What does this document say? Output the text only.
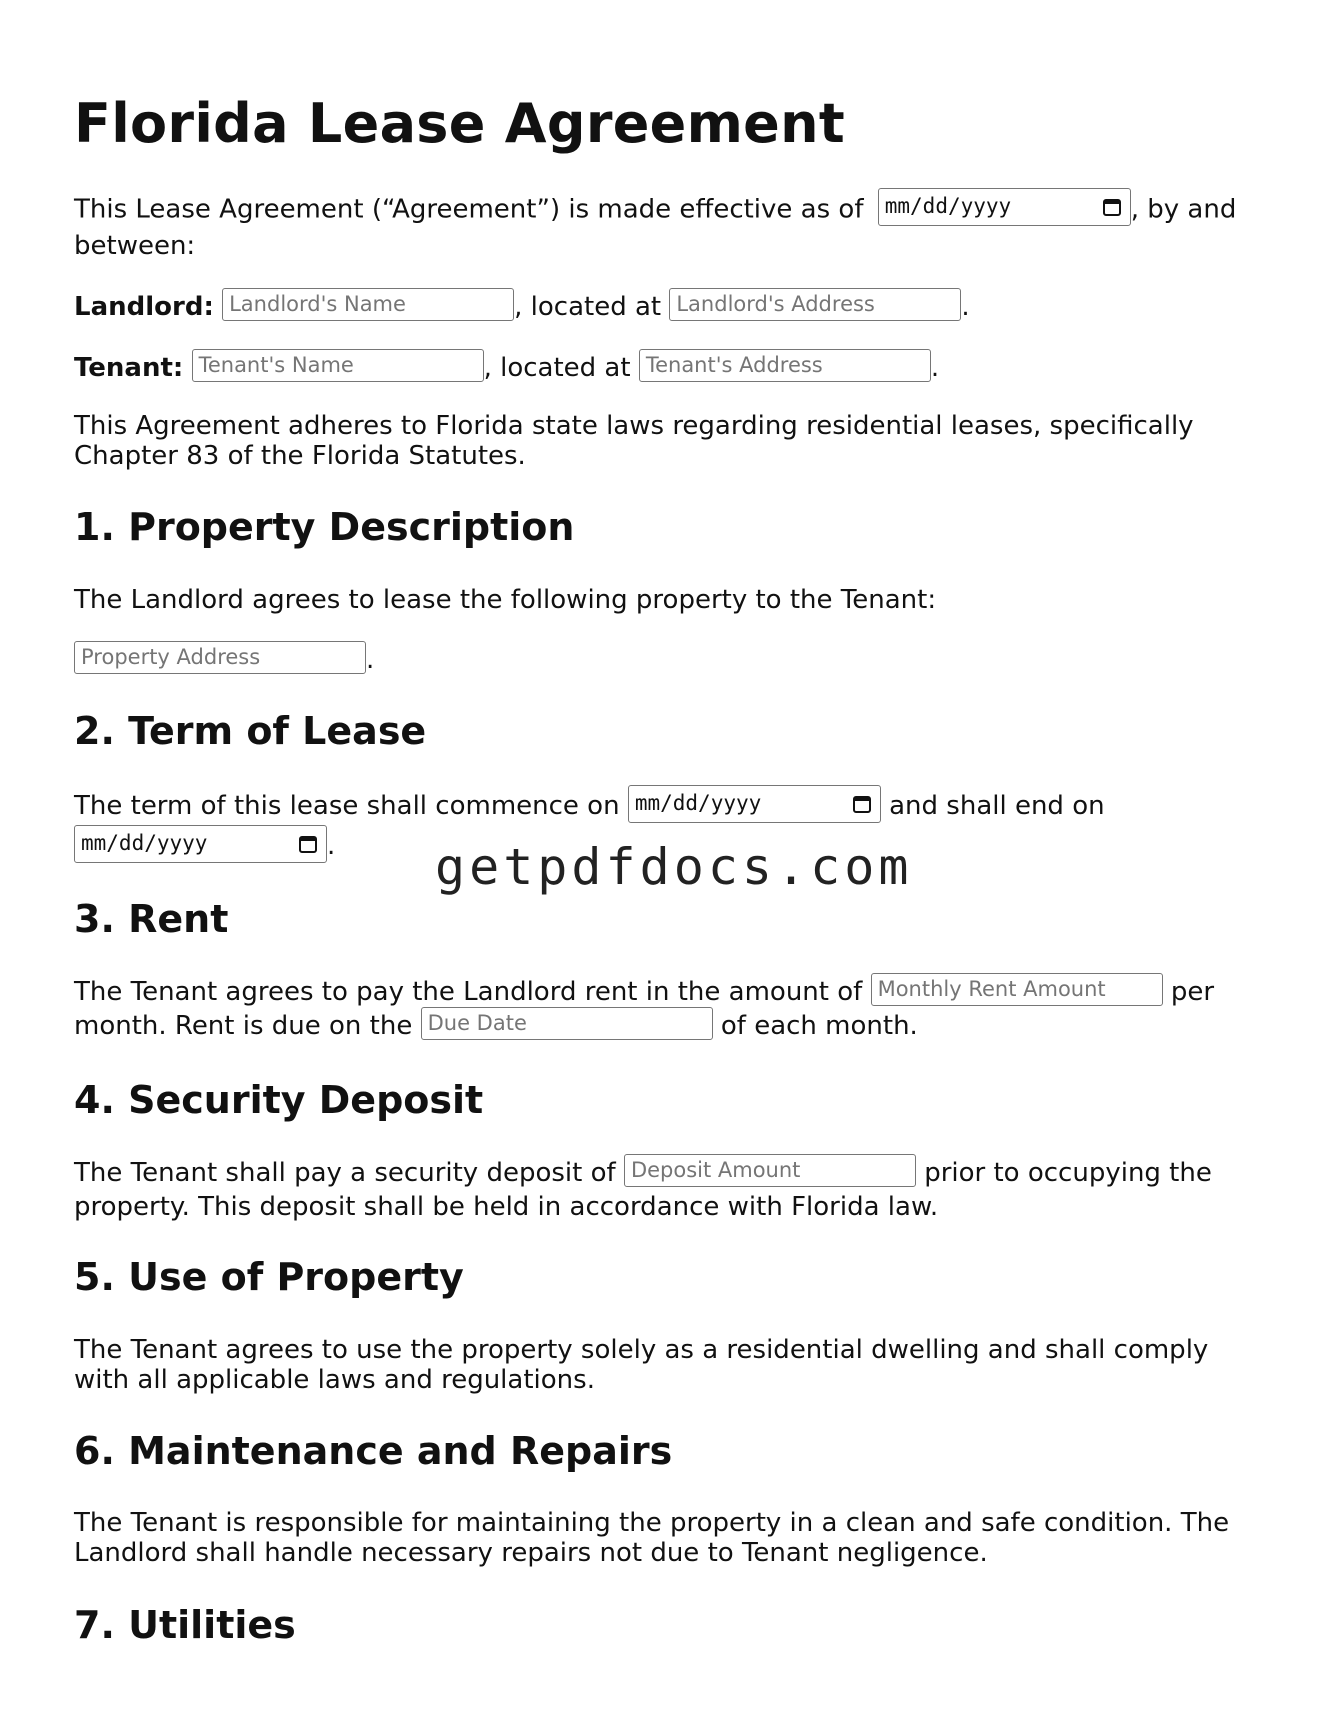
Florida Lease Agreement
This Lease Agreement (“Agreement”) is made effective as of mm/dd/yyyy	, by and between:
Landlord: Landlord's Name	, located at Landlord's Address	.
Tenant: Tenant's Name	, located at Tenant's Address	.
This Agreement adheres to Florida state laws regarding residential leases, specifically Chapter 83 of the Florida Statutes.
1. Property Description
The Landlord agrees to lease the following property to the Tenant:
Property Address	.
2. Term of Lease
The term of this lease shall commence on mm/dd/yyyy	and shall end on mm/dd/yyyy	.
3. Rent
The Tenant agrees to pay the Landlord rent in the amount of Monthly Rent Amount	per month. Rent is due on the Due Date	of each month.
4. Security Deposit
The Tenant shall pay a security deposit of Deposit Amount	prior to occupying the property. This deposit shall be held in accordance with Florida law.
5. Use of Property
The Tenant agrees to use the property solely as a residential dwelling and shall comply with all applicable laws and regulations.
6. Maintenance and Repairs
The Tenant is responsible for maintaining the property in a clean and safe condition. The Landlord shall handle necessary repairs not due to Tenant negligence.
7. Utilities
getpdfdocs.com
